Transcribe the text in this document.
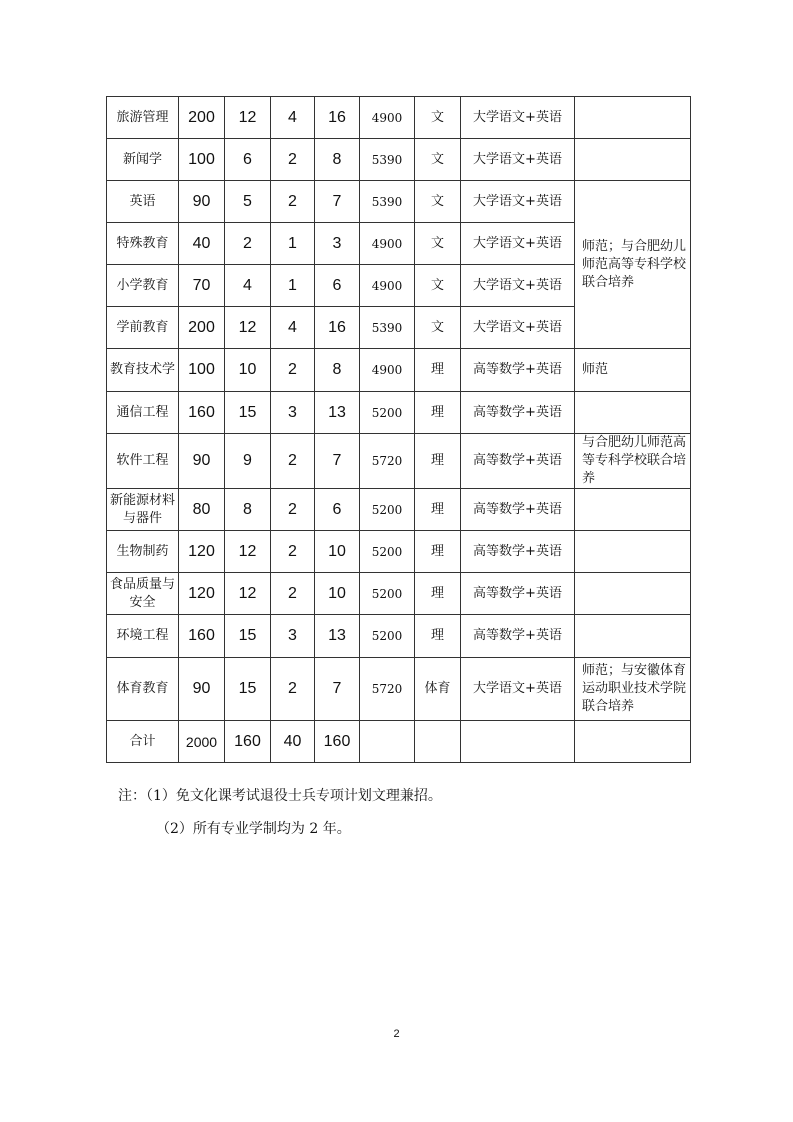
旅游管理	200	12	4	16	4900	文	大学语文+英语	
新闻学	100	6	2	8	5390	文	大学语文+英语	
英语	90	5	2	7	5390	文	大学语文+英语	师范；与合肥幼儿师范高等专科学校联合培养
特殊教育	40	2	1	3	4900	文	大学语文+英语	
小学教育	70	4	1	6	4900	文	大学语文+英语	
学前教育	200	12	4	16	5390	文	大学语文+英语	
教育技术学	100	10	2	8	4900	理	高等数学+英语	师范
通信工程	160	15	3	13	5200	理	高等数学+英语	
软件工程	90	9	2	7	5720	理	高等数学+英语	与合肥幼儿师范高等专科学校联合培养
新能源材料与器件	80	8	2	6	5200	理	高等数学+英语	
生物制药	120	12	2	10	5200	理	高等数学+英语	
食品质量与安全	120	12	2	10	5200	理	高等数学+英语	
环境工程	160	15	3	13	5200	理	高等数学+英语	
体育教育	90	15	2	7	5720	体育	大学语文+英语	师范；与安徽体育运动职业技术学院联合培养
合计	2000	160	40	160				
注：（1）免文化课考试退役士兵专项计划文理兼招。
（2）所有专业学制均为 2 年。
2
